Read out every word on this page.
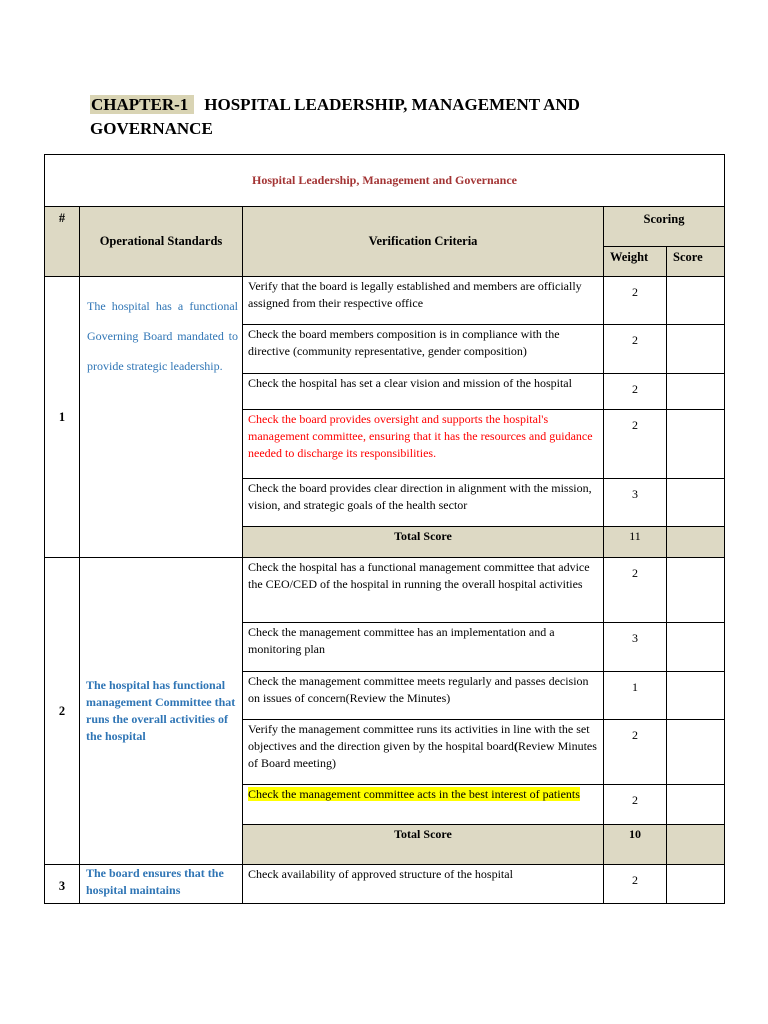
CHAPTER-1 HOSPITAL LEADERSHIP, MANAGEMENT AND GOVERNANCE
Hospital Leadership, Management and Governance				
#	Operational Standards	Verification Criteria	Scoring	
			Weight	Score
1	The hospital has a functional Governing Board mandated to provide strategic leadership.	Verify that the board is legally established and members are officially assigned from their respective office	2	
		Check the board members composition is in compliance with the directive (community representative, gender composition)	2	
		Check the hospital has set a clear vision and mission of the hospital	2	
		Check the board provides oversight and supports the hospital's management committee, ensuring that it has the resources and guidance needed to discharge its responsibilities.	2	
		Check the board provides clear direction in alignment with the mission, vision, and strategic goals of the health sector	3	
		Total Score	11	
2	The hospital has functional management Committee that runs the overall activities of the hospital	Check the hospital has a functional management committee that advice the CEO/CED of the hospital in running the overall hospital activities	2	
		Check the management committee has an implementation and a monitoring plan	3	
		Check the management committee meets regularly and passes decision on issues of concern(Review the Minutes)	1	
		Verify the management committee runs its activities in line with the set objectives and the direction given by the hospital board(Review Minutes of Board meeting)	2	
		Check the management committee acts in the best interest of patients	2	
		Total Score	10	
3	The board ensures that the hospital maintains	Check availability of approved structure of the hospital	2	
